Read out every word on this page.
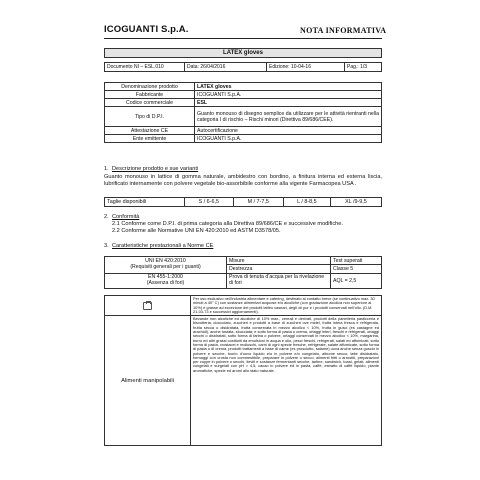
ICOGUANTI S.p.A.	NOTA INFORMATIVA
LATEX gloves
Documento NI – ESL.010	Data: 26/04/2016	Edizione: 10-04-16	Pag.: 1/3
Denominazione prodotto	LATEX gloves
Fabbricante	ICOGUANTI S.p.A.
Codice commerciale	ESL
Tipo di D.P.I.	Guanto monouso di disegno semplice da utilizzare per le attività rientranti nella categoria I di rischio – Rischi minori (Direttiva 89/686/CEE).
Attestazione CE	Autocertificazione
Ente emittente	ICOGUANTI S.p.A.
1. Descrizione prodotto e sue varianti
Guanto monouso in lattice di gomma naturale, ambidestro con bordino, a finitura interna ed esterna liscia, lubrificato internamente con polvere vegetale bio-assorbibile conforme alla vigente Farmacopea USA .
Taglie disponibili	S / 6-6,5	M / 7-7,5	L / 8-8,5	XL /9-9,5
2. Conformità
2.1 Conforme come D.P.I. di prima categoria alla Direttiva 89/686/CE e successive modifiche.
2.2 Conforme alle Normative UNI EN 420:2010 ed ASTM D3578/05.
3. Caratteristiche prestazionali a Norme CE
UNI EN 420:2010
(Requisiti generali per i guanti)	Misure	Test superati
	Destrezza	Classe 5

EN 455-1:2000
(Assenza di fori)	Prova di tenuta d’acqua per la rivelazione di fori	AQL = 2,5
	Per uso esclusivo nell’industria alimentare e catering, destinato al contatto breve (se continuativo max. 30 minuti a 40° C) con sostanze alimentari acquose e/o alcoliche (con gradazione alcolica non superiore al 10%) e grasse ad eccezione dei prodotti latteo caseari, degli oli pur e i prodotti conservati nell’olio. (D.M. 21-03-73 e successivi aggiornamenti).
Alimenti manipolabili	Bevande non alcoliche ed alcoliche di 10% max., cereali e derivati, prodotti della panetteria pasticceria e biscotteria, cioccolato, zuccheri e prodotti a base di zuccheri ove midei, frutta intera fresca e refrigerata, frutta secca o disidratata, frutta conservata in mezzo alcolico < 10%, frutta in gusci (es castagne ed arachidi), anche tostata, sbucciata; e sotto forma di pasta o crema, ortaggi interi, freschi e refrigerati, ortaggi secchi o disidratati, sotto forma di farina o polvere, ortaggi conservati in mezzo alcolico < 10%, margarina, burro ed altri grassi costituiti da emulsioni in acqua e olio, pesci freschi, refrigerati, salati ed affumicati, sotto forma di pasta, crostacei e molluschi, carni di ogni specie fresche, refrigerate, salate affumicate, sotto forma di pasta o di crema, prodotti trattamenti a base di carne (es prosciutto, salame) uova anche senza guscio in polvere e secche, tuorlo d’uovo liquido e/o in polvere e/o congelato, albume secco, latte disidratato, formaggi con crosta non commestibile, preparare in polvere o secco, alimenti fritti o arrostiti, preparazioni per cuppe in polvere o secchi, lieviti e sostanze fermentanti secche, tartine, sandwich, toast, gelati, alimenti congelati e surgelati con pH > 4,5, cacao in polvere ed in pasta, caffè, estratto di caffè liquido, piante aromatiche, spezie ed aromi allo stato naturale.
